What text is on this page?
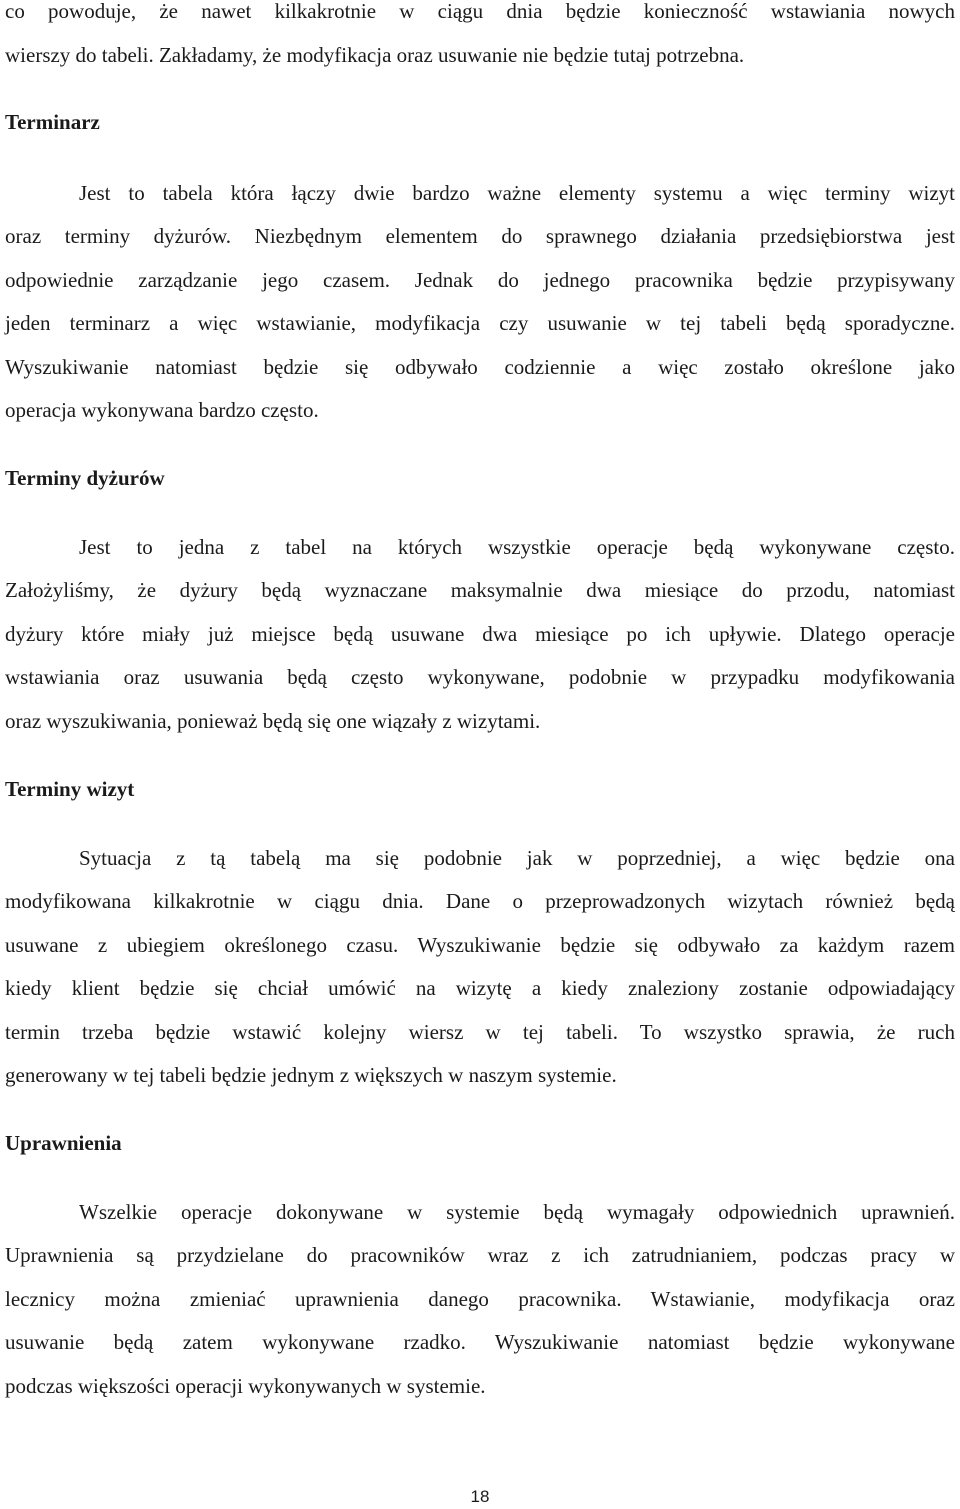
co powoduje, że nawet kilkakrotnie w ciągu dnia będzie konieczność wstawiania nowych
wierszy do tabeli. Zakładamy, że modyfikacja oraz usuwanie nie będzie tutaj potrzebna.
Terminarz
Jest to tabela która łączy dwie bardzo ważne elementy systemu a więc terminy wizyt
oraz terminy dyżurów. Niezbędnym elementem do sprawnego działania przedsiębiorstwa jest
odpowiednie zarządzanie jego czasem. Jednak do jednego pracownika będzie przypisywany
jeden terminarz a więc wstawianie, modyfikacja czy usuwanie w tej tabeli będą sporadyczne.
Wyszukiwanie natomiast będzie się odbywało codziennie a więc zostało określone jako
operacja wykonywana bardzo często.
Terminy dyżurów
Jest to jedna z tabel na których wszystkie operacje będą wykonywane często.
Założyliśmy, że dyżury będą wyznaczane maksymalnie dwa miesiące do przodu, natomiast
dyżury które miały już miejsce będą usuwane dwa miesiące po ich upływie. Dlatego operacje
wstawiania oraz usuwania będą często wykonywane, podobnie w przypadku modyfikowania
oraz wyszukiwania, ponieważ będą się one wiązały z wizytami.
Terminy wizyt
Sytuacja z tą tabelą ma się podobnie jak w poprzedniej, a więc będzie ona
modyfikowana kilkakrotnie w ciągu dnia. Dane o przeprowadzonych wizytach również będą
usuwane z ubiegiem określonego czasu. Wyszukiwanie będzie się odbywało za każdym razem
kiedy klient będzie się chciał umówić na wizytę a kiedy znaleziony zostanie odpowiadający
termin trzeba będzie wstawić kolejny wiersz w tej tabeli. To wszystko sprawia, że ruch
generowany w tej tabeli będzie jednym z większych w naszym systemie.
Uprawnienia
Wszelkie operacje dokonywane w systemie będą wymagały odpowiednich uprawnień.
Uprawnienia są przydzielane do pracowników wraz z ich zatrudnianiem, podczas pracy w
lecznicy można zmieniać uprawnienia danego pracownika. Wstawianie, modyfikacja oraz
usuwanie będą zatem wykonywane rzadko. Wyszukiwanie natomiast będzie wykonywane
podczas większości operacji wykonywanych w systemie.
18
